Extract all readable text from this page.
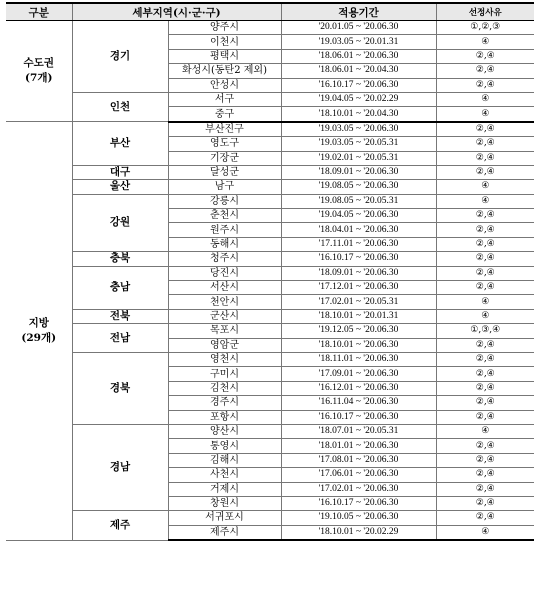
구분	세부지역(시·군·구)		적용기간	선정사유

수도권
(7개)	경기	양주시	'20.01.05 ~ '20.06.30	①,②,③
		이천시	'19.03.05 ~ '20.01.31	④
		평택시	'18.06.01 ~ '20.06.30	②,④
		화성시(동탄2 제외)	'18.06.01 ~ '20.04.30	②,④
		안성시	'16.10.17 ~ '20.06.30	②,④
	인천	서구	'19.04.05 ~ '20.02.29	④
		중구	'18.10.01 ~ '20.04.30	④

지방
(29개)	부산	부산진구	'19.03.05 ~ '20.06.30	②,④
		영도구	'19.03.05 ~ '20.05.31	②,④
		기장군	'19.02.01 ~ '20.05.31	②,④
	대구	달성군	'18.09.01 ~ '20.06.30	②,④
	울산	남구	'19.08.05 ~ '20.06.30	④
	강원	강릉시	'19.08.05 ~ '20.05.31	④
		춘천시	'19.04.05 ~ '20.06.30	②,④
		원주시	'18.04.01 ~ '20.06.30	②,④
		동해시	'17.11.01 ~ '20.06.30	②,④
	충북	청주시	'16.10.17 ~ '20.06.30	②,④
	충남	당진시	'18.09.01 ~ '20.06.30	②,④
		서산시	'17.12.01 ~ '20.06.30	②,④
		천안시	'17.02.01 ~ '20.05.31	④
	전북	군산시	'18.10.01 ~ '20.01.31	④
	전남	목포시	'19.12.05 ~ '20.06.30	①,③,④
		영암군	'18.10.01 ~ '20.06.30	②,④
	경북	영천시	'18.11.01 ~ '20.06.30	②,④
		구미시	'17.09.01 ~ '20.06.30	②,④
		김천시	'16.12.01 ~ '20.06.30	②,④
		경주시	'16.11.04 ~ '20.06.30	②,④
		포항시	'16.10.17 ~ '20.06.30	②,④
	경남	양산시	'18.07.01 ~ '20.05.31	④
		통영시	'18.01.01 ~ '20.06.30	②,④
		김해시	'17.08.01 ~ '20.06.30	②,④
		사천시	'17.06.01 ~ '20.06.30	②,④
		거제시	'17.02.01 ~ '20.06.30	②,④
		창원시	'16.10.17 ~ '20.06.30	②,④
	제주	서귀포시	'19.10.05 ~ '20.06.30	②,④
		제주시	'18.10.01 ~ '20.02.29	④
